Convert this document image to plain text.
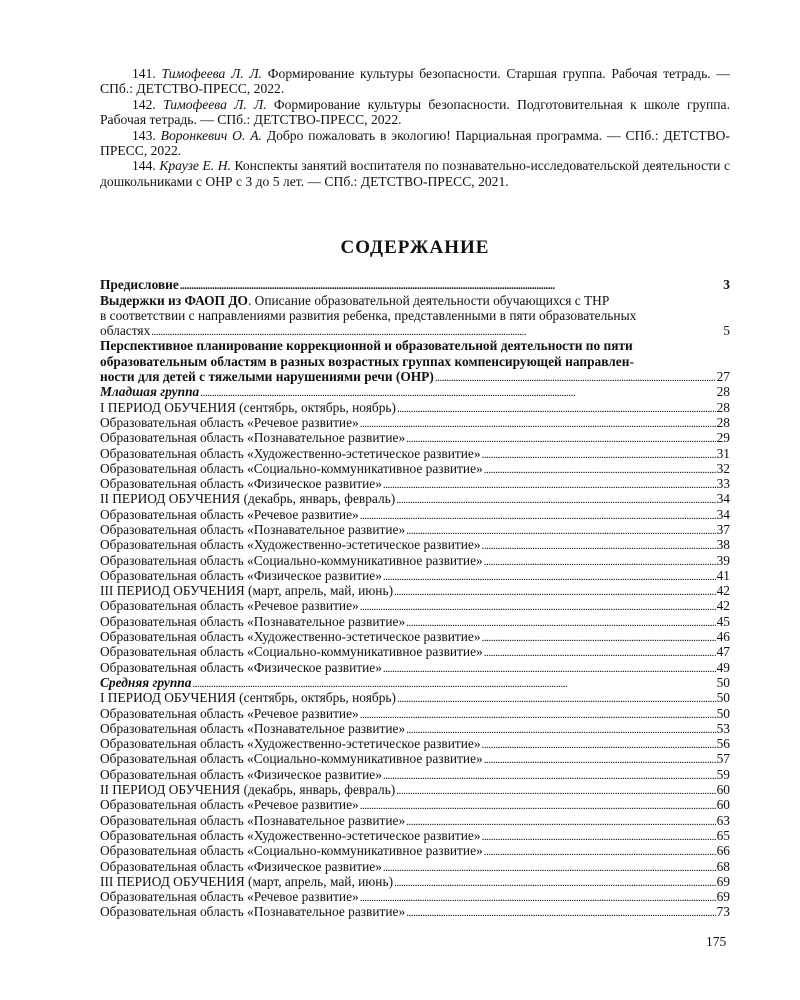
141. Тимофеева Л. Л. Формирование культуры безопасности. Старшая группа. Рабочая тетрадь. — СПб.: ДЕТСТВО-ПРЕСС, 2022.

142. Тимофеева Л. Л. Формирование культуры безопасности. Подготовительная к школе группа. Рабочая тетрадь. — СПб.: ДЕТСТВО-ПРЕСС, 2022.

143. Воронкевич О. А. Добро пожаловать в экологию! Парциальная программа. — СПб.: ДЕТСТВО-ПРЕСС, 2022.

144. Краузе Е. Н. Конспекты занятий воспитателя по познавательно-исследовательской деятельности с дошкольниками с ОНР с 3 до 5 лет. — СПб.: ДЕТСТВО-ПРЕСС, 2021.

СОДЕРЖАНИЕ
Предисловие . . .	3
Выдержки из ФАОП ДО. Описание образовательной деятельности обучающихся с ТНР
в соответствии с направлениями развития ребенка, представленными в пяти образовательных
областях . . .	5
Перспективное планирование коррекционной и образовательной деятельности по пяти
образовательным областям в разных возрастных группах компенсирующей направлен-
ности для детей с тяжелыми нарушениями речи (ОНР) . . .	27
Младшая группа . . .	28
I ПЕРИОД ОБУЧЕНИЯ (сентябрь, октябрь, ноябрь) . . .	28
Образовательная область «Речевое развитие» . . .	28
Образовательная область «Познавательное развитие» . . .	29
Образовательная область «Художественно-эстетическое развитие» . . .	31
Образовательная область «Социально-коммуникативное развитие» . . .	32
Образовательная область «Физическое развитие» . . .	33
II ПЕРИОД ОБУЧЕНИЯ (декабрь, январь, февраль) . . .	34
Образовательная область «Речевое развитие» . . .	34
Образовательная область «Познавательное развитие» . . .	37
Образовательная область «Художественно-эстетическое развитие» . . .	38
Образовательная область «Социально-коммуникативное развитие» . . .	39
Образовательная область «Физическое развитие» . . .	41
III ПЕРИОД ОБУЧЕНИЯ (март, апрель, май, июнь) . . .	42
Образовательная область «Речевое развитие» . . .	42
Образовательная область «Познавательное развитие» . . .	45
Образовательная область «Художественно-эстетическое развитие» . . .	46
Образовательная область «Социально-коммуникативное развитие» . . .	47
Образовательная область «Физическое развитие» . . .	49
Средняя группа . . .	50
I ПЕРИОД ОБУЧЕНИЯ (сентябрь, октябрь, ноябрь) . . .	50
Образовательная область «Речевое развитие» . . .	50
Образовательная область «Познавательное развитие» . . .	53
Образовательная область «Художественно-эстетическое развитие» . . .	56
Образовательная область «Социально-коммуникативное развитие» . . .	57
Образовательная область «Физическое развитие» . . .	59
II ПЕРИОД ОБУЧЕНИЯ (декабрь, январь, февраль) . . .	60
Образовательная область «Речевое развитие» . . .	60
Образовательная область «Познавательное развитие» . . .	63
Образовательная область «Художественно-эстетическое развитие» . . .	65
Образовательная область «Социально-коммуникативное развитие» . . .	66
Образовательная область «Физическое развитие» . . .	68
III ПЕРИОД ОБУЧЕНИЯ (март, апрель, май, июнь) . . .	69
Образовательная область «Речевое развитие» . . .	69
Образовательная область «Познавательное развитие» . . .	73
175
